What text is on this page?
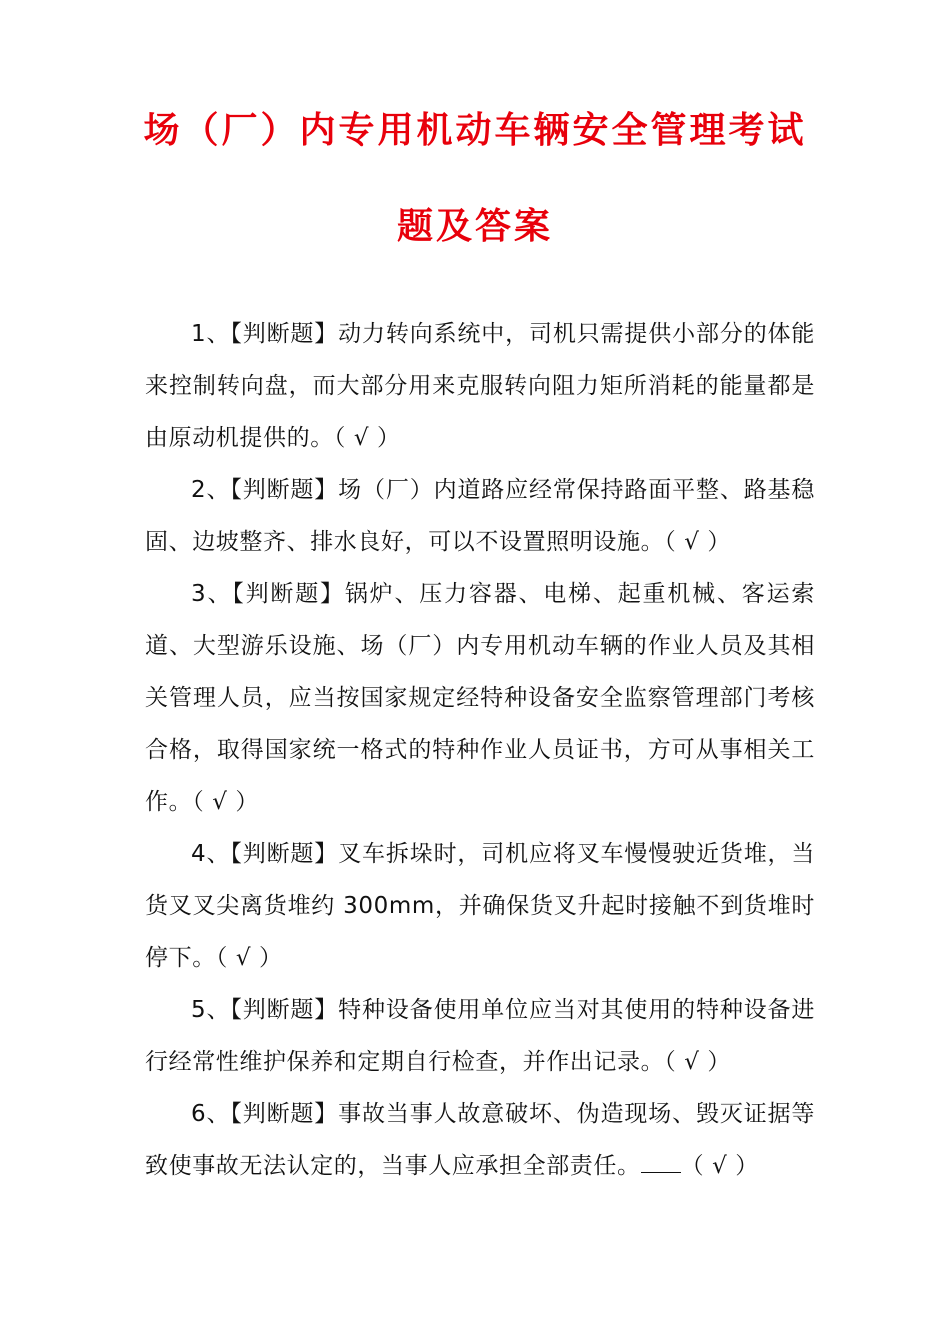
场（厂）内专用机动车辆安全管理考试
题及答案

1、【判断题】动力转向系统中，司机只需提供小部分的体能来控制转向盘，而大部分用来克服转向阻力矩所消耗的能量都是由原动机提供的。（ √ ）

2、【判断题】场（厂）内道路应经常保持路面平整、路基稳固、边坡整齐、排水良好，可以不设置照明设施。（ √ ）

3、【判断题】锅炉、压力容器、电梯、起重机械、客运索道、大型游乐设施、场（厂）内专用机动车辆的作业人员及其相关管理人员，应当按国家规定经特种设备安全监察管理部门考核合格，取得国家统一格式的特种作业人员证书，方可从事相关工作。（ √ ）

4、【判断题】叉车拆垛时，司机应将叉车慢慢驶近货堆，当货叉叉尖离货堆约 300mm，并确保货叉升起时接触不到货堆时停下。（ √ ）

5、【判断题】特种设备使用单位应当对其使用的特种设备进行经常性维护保养和定期自行检查，并作出记录。（ √ ）

6、【判断题】事故当事人故意破坏、伪造现场、毁灭证据等致使事故无法认定的，当事人应承担全部责任。 （ √ ）
